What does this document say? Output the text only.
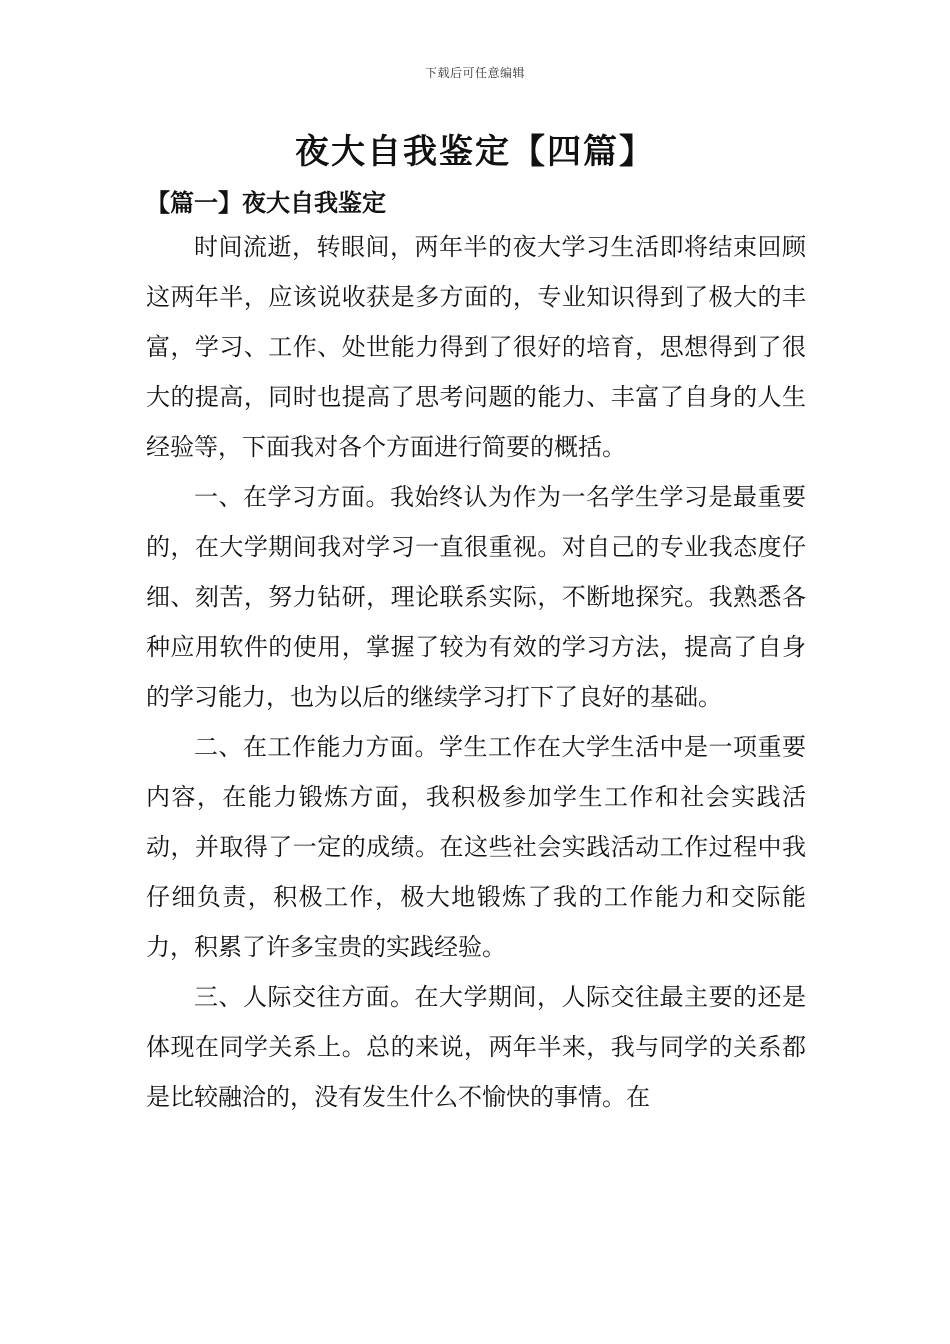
下载后可任意编辑
夜大自我鉴定【四篇】
【篇一】夜大自我鉴定

时间流逝，转眼间，两年半的夜大学习生活即将结束回顾这两年半，应该说收获是多方面的，专业知识得到了极大的丰富，学习、工作、处世能力得到了很好的培育，思想得到了很大的提高，同时也提高了思考问题的能力、丰富了自身的人生经验等，下面我对各个方面进行简要的概括。

一、在学习方面。我始终认为作为一名学生学习是最重要的，在大学期间我对学习一直很重视。对自己的专业我态度仔细、刻苦，努力钻研，理论联系实际，不断地探究。我熟悉各种应用软件的使用，掌握了较为有效的学习方法，提高了自身的学习能力，也为以后的继续学习打下了良好的基础。

二、在工作能力方面。学生工作在大学生活中是一项重要内容，在能力锻炼方面，我积极参加学生工作和社会实践活动，并取得了一定的成绩。在这些社会实践活动工作过程中我仔细负责，积极工作，极大地锻炼了我的工作能力和交际能力，积累了许多宝贵的实践经验。

三、人际交往方面。在大学期间，人际交往最主要的还是体现在同学关系上。总的来说，两年半来，我与同学的关系都是比较融洽的，没有发生什么不愉快的事情。在
